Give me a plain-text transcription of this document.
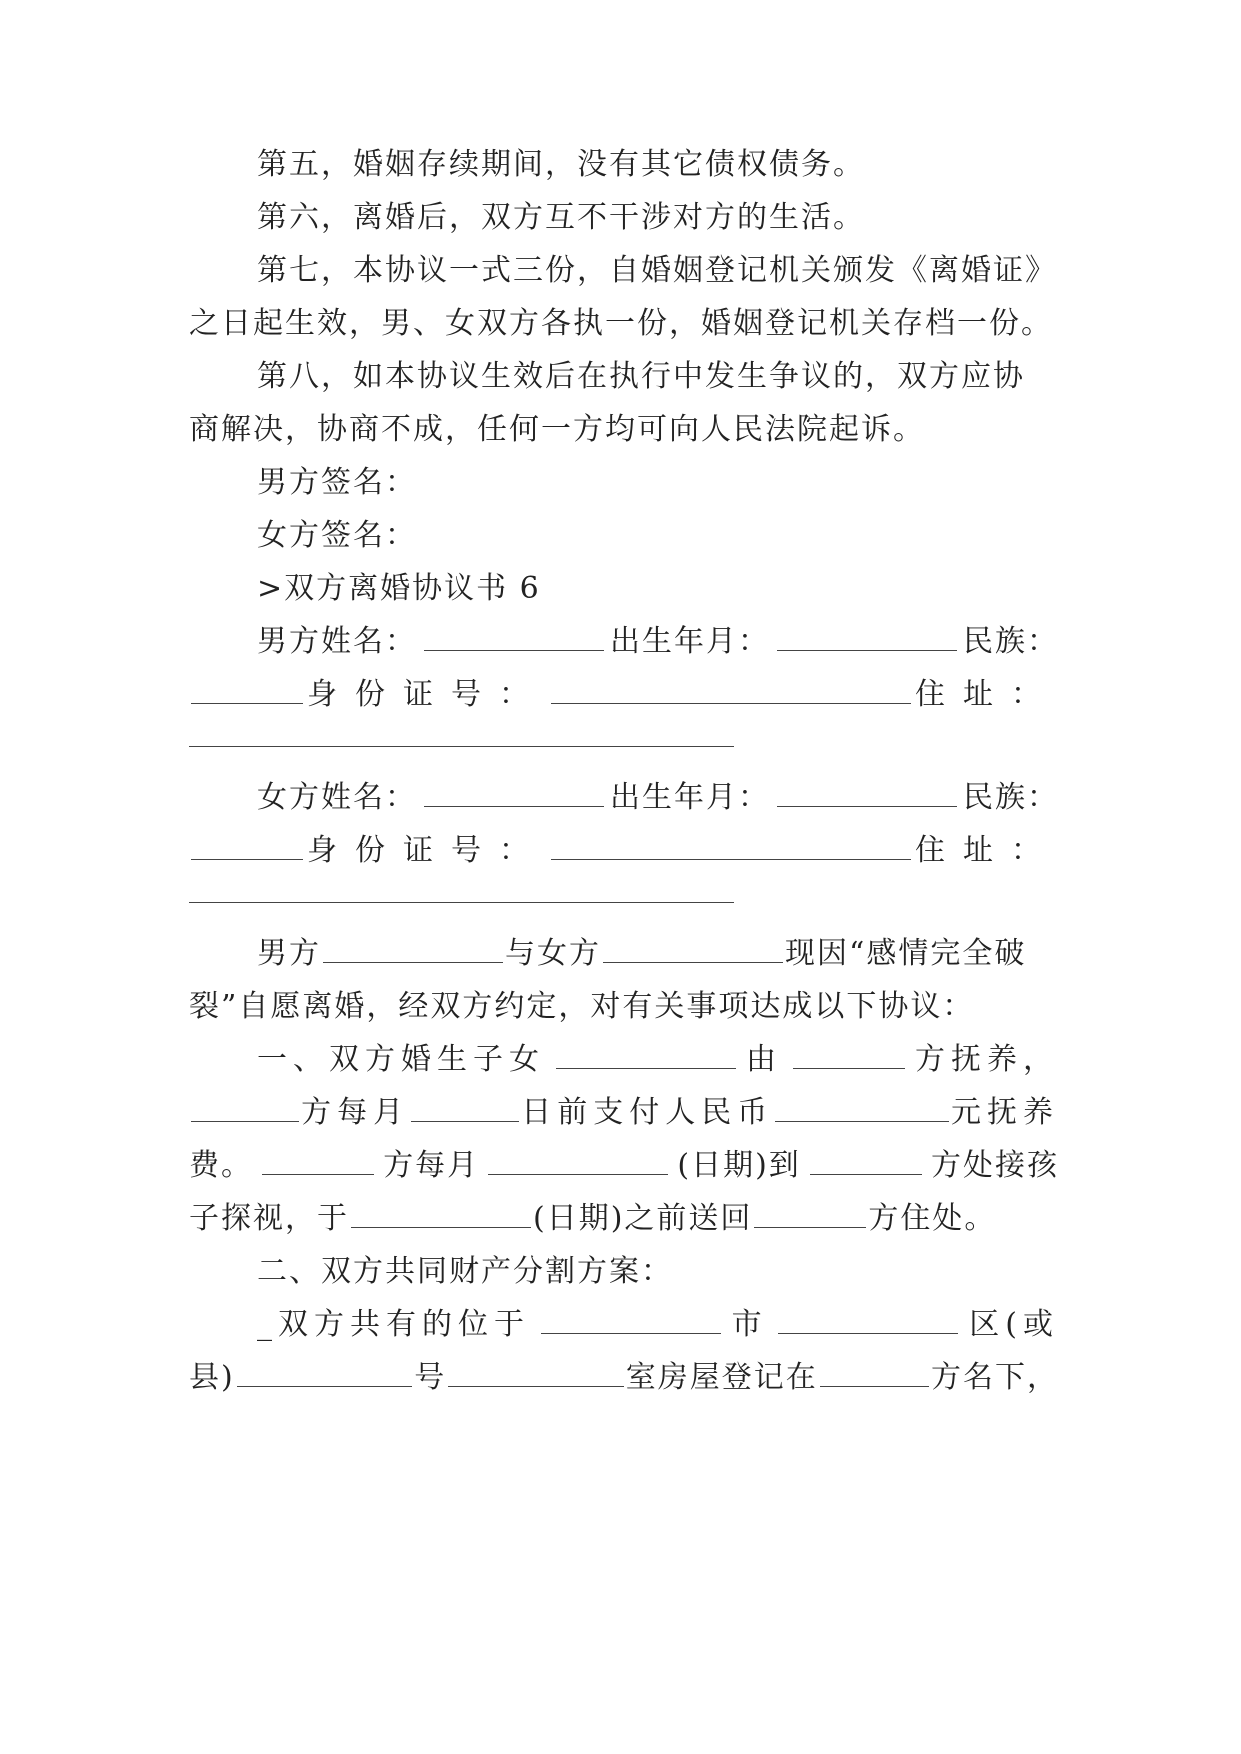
第五，婚姻存续期间，没有其它债权债务。
第六，离婚后，双方互不干涉对方的生活。
第七，本协议一式三份，自婚姻登记机关颁发《离婚证》
之日起生效，男、女双方各执一份，婚姻登记机关存档一份。
第八，如本协议生效后在执行中发生争议的，双方应协
商解决，协商不成，任何一方均可向人民法院起诉。
男方签名：
女方签名：
>双方离婚协议书 6
男方姓名：	出生年月：	民族：
身份证号：	住址：
女方姓名：	出生年月：	民族：
身份证号：	住址：
男方	与女方	现因“感情完全破
裂”自愿离婚，经双方约定，对有关事项达成以下协议：
一、双方婚生子女	由	方抚养，
方每月	日前支付人民币	元抚养
费。	方每月	(日期)到	方处接孩
子探视，于	(日期)之前送回	方住处。
二、双方共同财产分割方案：
_双方共有的位于	市	区(或
县)	号	室房屋登记在	方名下，
